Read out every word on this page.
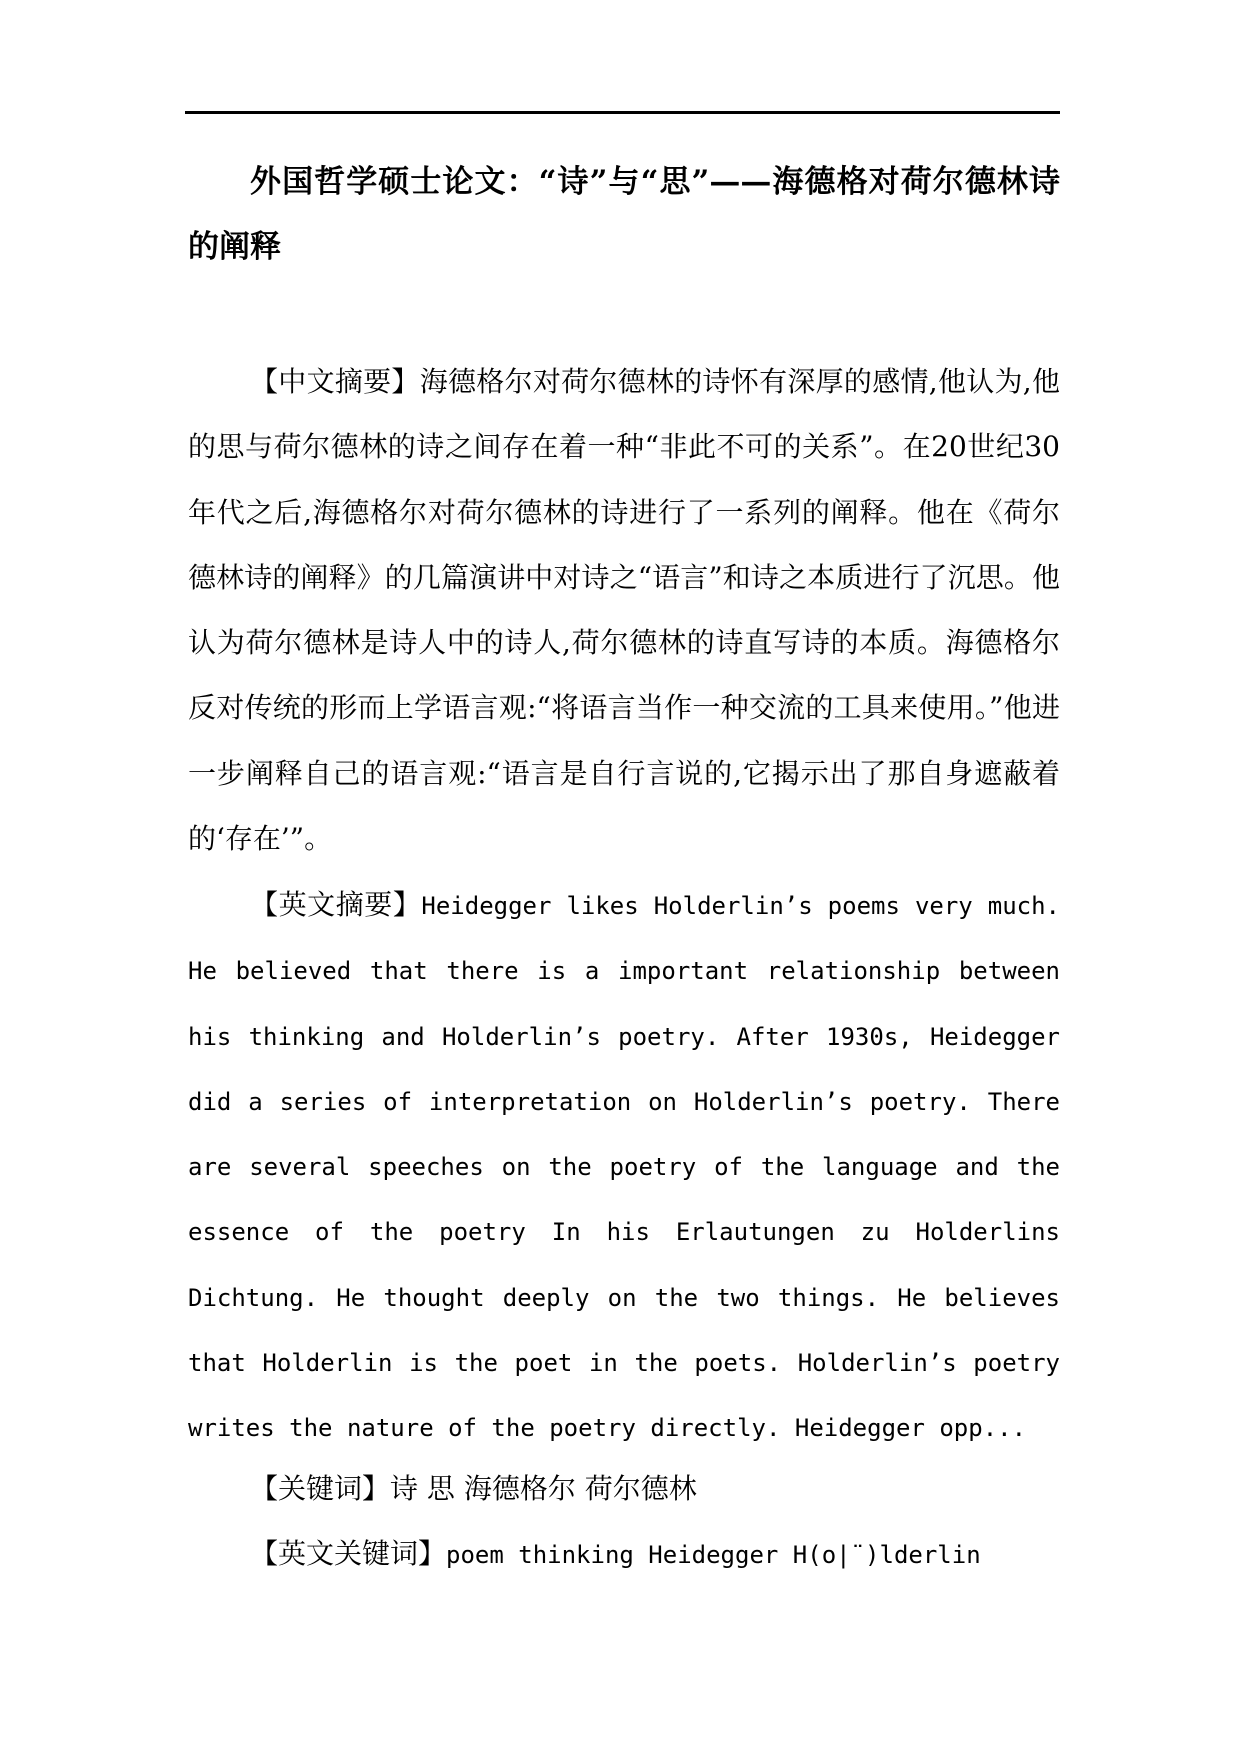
外国哲学硕士论文：“诗”与“思”——海德格对荷尔德林诗的阐释

【中文摘要】海德格尔对荷尔德林的诗怀有深厚的感情,他认为,他的思与荷尔德林的诗之间存在着一种“非此不可的关系”。在20世纪30年代之后,海德格尔对荷尔德林的诗进行了一系列的阐释。他在《荷尔德林诗的阐释》的几篇演讲中对诗之“语言”和诗之本质进行了沉思。他认为荷尔德林是诗人中的诗人,荷尔德林的诗直写诗的本质。海德格尔反对传统的形而上学语言观:“将语言当作一种交流的工具来使用。”他进一步阐释自己的语言观:“语言是自行言说的,它揭示出了那自身遮蔽着的‘存在’”。

【英文摘要】Heidegger likes Holderlin’s poems very much. He believed that there is a important relationship between his thinking and Holderlin’s poetry. After 1930s, Heidegger did a series of interpretation on Holderlin’s poetry. There are several speeches on the poetry of the language and the essence of the poetry In his Erlautungen zu Holderlins Dichtung. He thought deeply on the two things. He believes that Holderlin is the poet in the poets. Holderlin’s poetry writes the nature of the poetry directly. Heidegger opp...

【关键词】诗 思 海德格尔 荷尔德林

【英文关键词】poem thinking Heidegger H(o|¨)lderlin
